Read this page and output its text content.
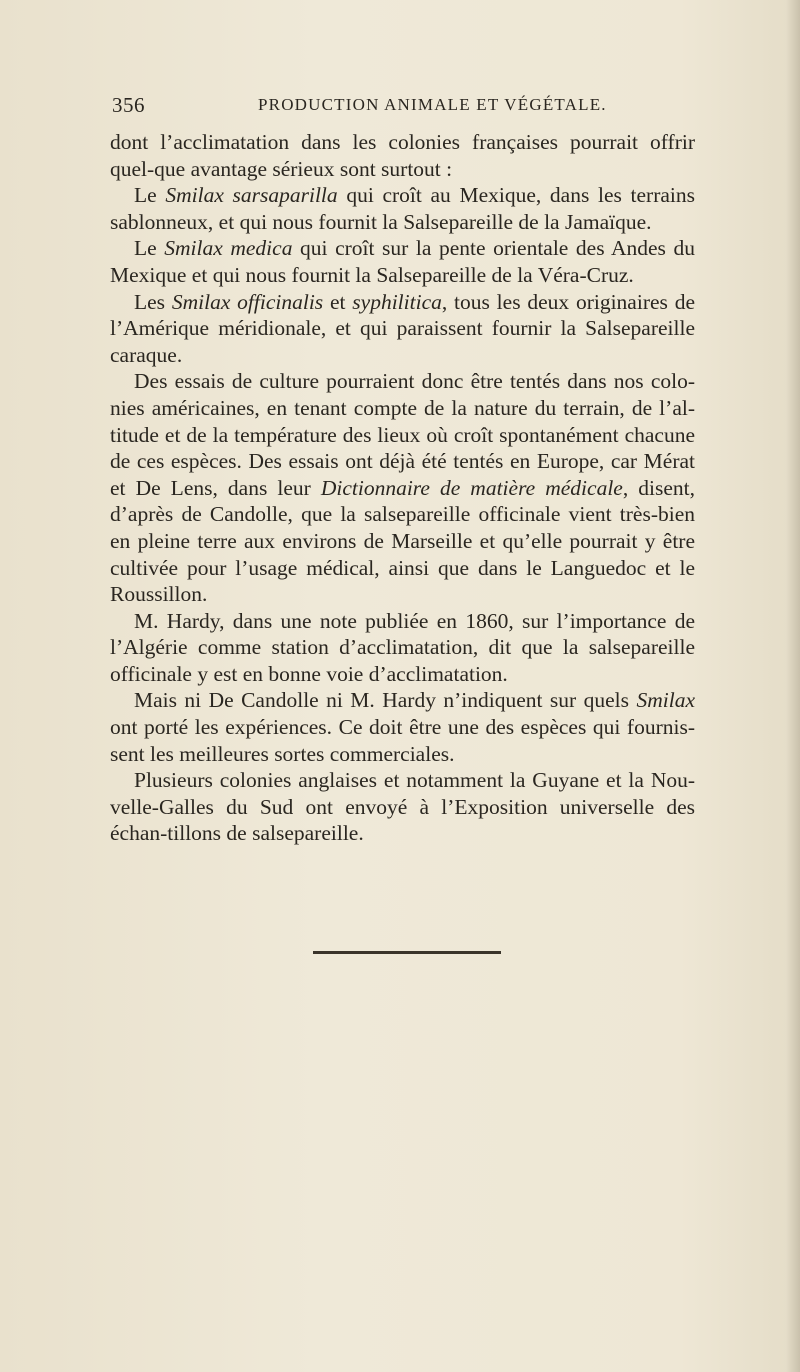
356	PRODUCTION ANIMALE ET VÉGÉTALE.

dont l’acclimatation dans les colonies françaises pourrait offrir quel-que avantage sérieux sont surtout :

Le Smilax sarsaparilla qui croît au Mexique, dans les terrains sablonneux, et qui nous fournit la Salsepareille de la Jamaïque.

Le Smilax medica qui croît sur la pente orientale des Andes du Mexique et qui nous fournit la Salsepareille de la Véra-Cruz.

Les Smilax officinalis et syphilitica, tous les deux originaires de l’Amérique méridionale, et qui paraissent fournir la Salsepareille caraque.

Des essais de culture pourraient donc être tentés dans nos colo-nies américaines, en tenant compte de la nature du terrain, de l’al-titude et de la température des lieux où croît spontanément chacune de ces espèces. Des essais ont déjà été tentés en Europe, car Mérat et De Lens, dans leur Dictionnaire de matière médicale, disent, d’après de Candolle, que la salsepareille officinale vient très-bien en pleine terre aux environs de Marseille et qu’elle pourrait y être cultivée pour l’usage médical, ainsi que dans le Languedoc et le Roussillon.

M. Hardy, dans une note publiée en 1860, sur l’importance de l’Algérie comme station d’acclimatation, dit que la salsepareille officinale y est en bonne voie d’acclimatation.

Mais ni De Candolle ni M. Hardy n’indiquent sur quels Smilax ont porté les expériences. Ce doit être une des espèces qui fournis-sent les meilleures sortes commerciales.

Plusieurs colonies anglaises et notamment la Guyane et la Nou-velle-Galles du Sud ont envoyé à l’Exposition universelle des échan-tillons de salsepareille.
